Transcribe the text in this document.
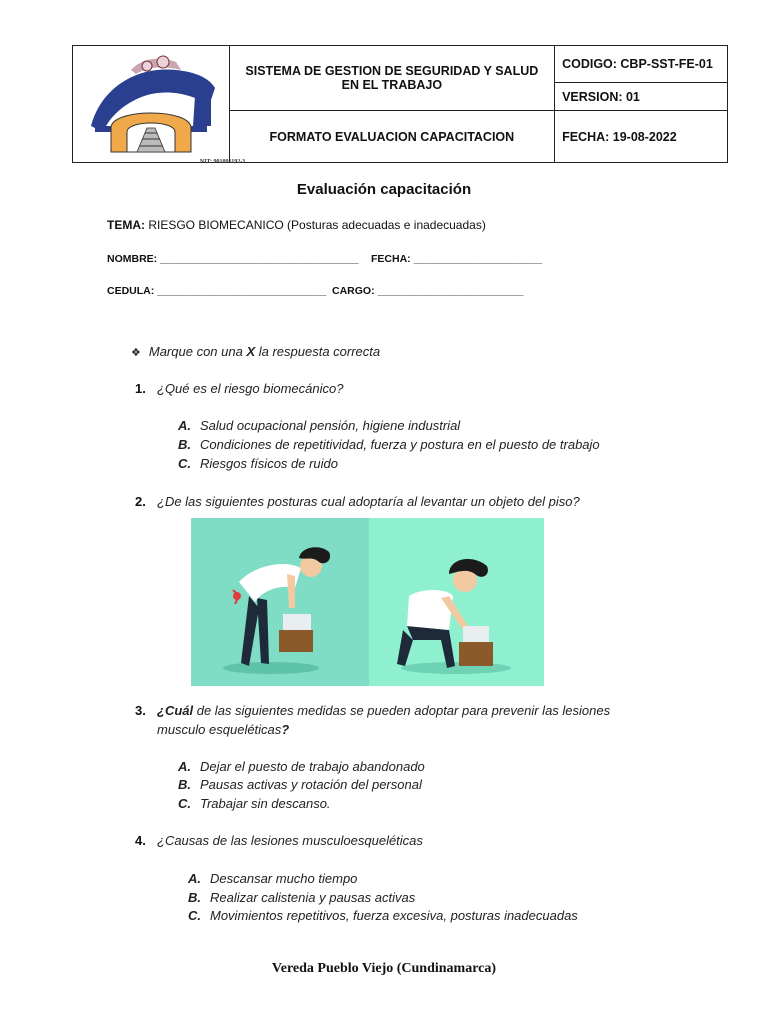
NIT: 901091192-3	SISTEMA DE GESTION DE SEGURIDAD Y SALUD EN EL TRABAJO	CODIGO: CBP-SST-FE-01
		VERSION: 01
	FORMATO EVALUACION CAPACITACION	FECHA: 19-08-2022
Evaluación capacitación
TEMA: RIESGO BIOMECANICO (Posturas adecuadas e inadecuadas)
NOMBRE: __________________________________ FECHA: ______________________
CEDULA: _____________________________ CARGO: _________________________
❖ Marque con una X la respuesta correcta
1. ¿Qué es el riesgo biomecánico?
A. Salud ocupacional pensión, higiene industrial
B. Condiciones de repetitividad, fuerza y postura en el puesto de trabajo
C. Riesgos físicos de ruido
2. ¿De las siguientes posturas cual adoptaría al levantar un objeto del piso?
3. ¿Cuál de las siguientes medidas se pueden adoptar para prevenir las lesiones
musculo esqueléticas?
A. Dejar el puesto de trabajo abandonado
B. Pausas activas y rotación del personal
C. Trabajar sin descanso.
4. ¿Causas de las lesiones musculoesqueléticas
A. Descansar mucho tiempo
B. Realizar calistenia y pausas activas
C. Movimientos repetitivos, fuerza excesiva, posturas inadecuadas
Vereda Pueblo Viejo (Cundinamarca)
